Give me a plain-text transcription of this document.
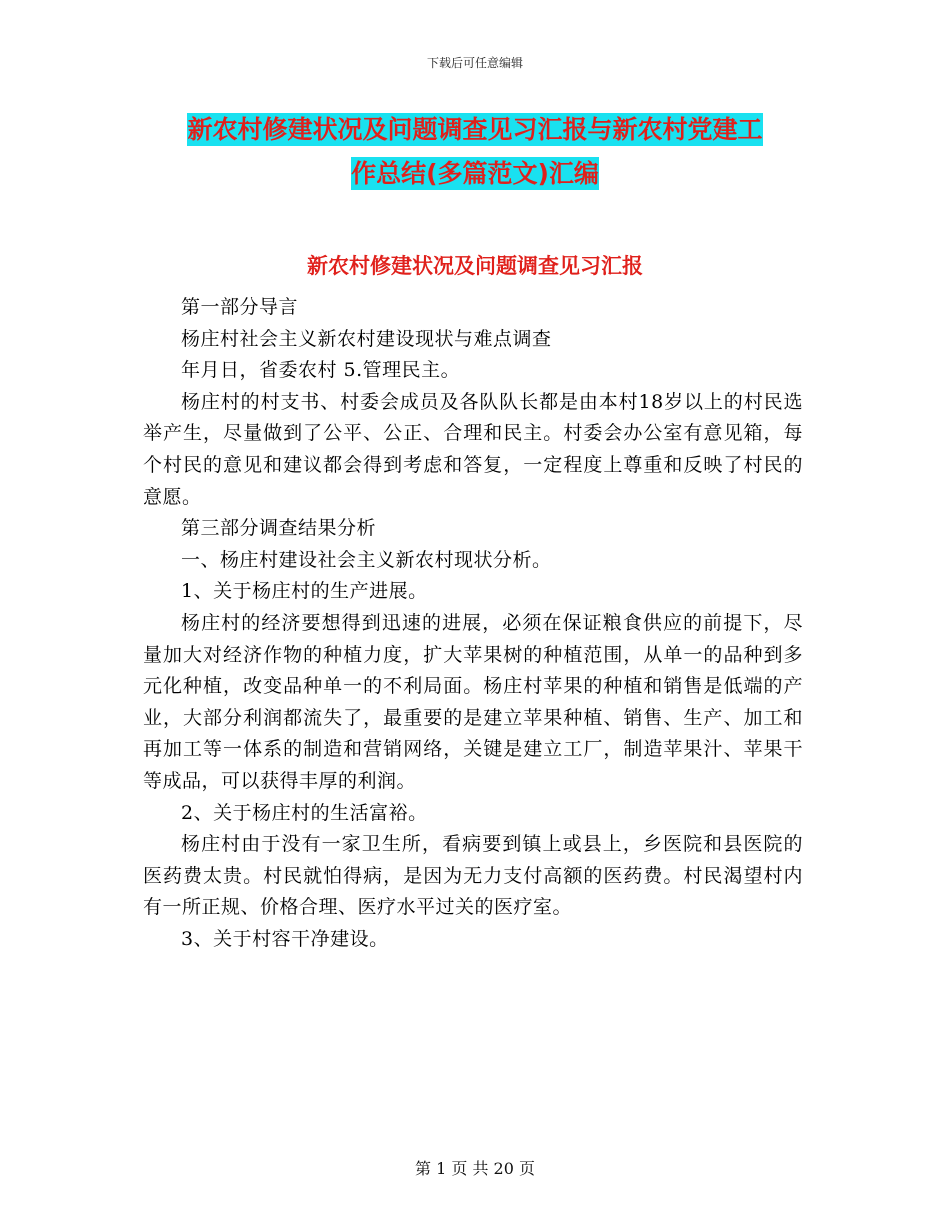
下载后可任意编辑
新农村修建状况及问题调查见习汇报与新农村党建工
作总结(多篇范文)汇编
新农村修建状况及问题调查见习汇报

第一部分导言

杨庄村社会主义新农村建设现状与难点调查

年月日，省委农村 5.管理民主。

杨庄村的村支书、村委会成员及各队队长都是由本村18岁以上的村民选举产生，尽量做到了公平、公正、合理和民主。村委会办公室有意见箱，每个村民的意见和建议都会得到考虑和答复，一定程度上尊重和反映了村民的意愿。

第三部分调查结果分析

一、杨庄村建设社会主义新农村现状分析。

1、关于杨庄村的生产进展。

杨庄村的经济要想得到迅速的进展，必须在保证粮食供应的前提下，尽量加大对经济作物的种植力度，扩大苹果树的种植范围，从单一的品种到多元化种植，改变品种单一的不利局面。杨庄村苹果的种植和销售是低端的产业，大部分利润都流失了，最重要的是建立苹果种植、销售、生产、加工和再加工等一体系的制造和营销网络，关键是建立工厂，制造苹果汁、苹果干等成品，可以获得丰厚的利润。

2、关于杨庄村的生活富裕。

杨庄村由于没有一家卫生所，看病要到镇上或县上，乡医院和县医院的医药费太贵。村民就怕得病，是因为无力支付高额的医药费。村民渴望村内有一所正规、价格合理、医疗水平过关的医疗室。

3、关于村容干净建设。

第 1 页 共 20 页
